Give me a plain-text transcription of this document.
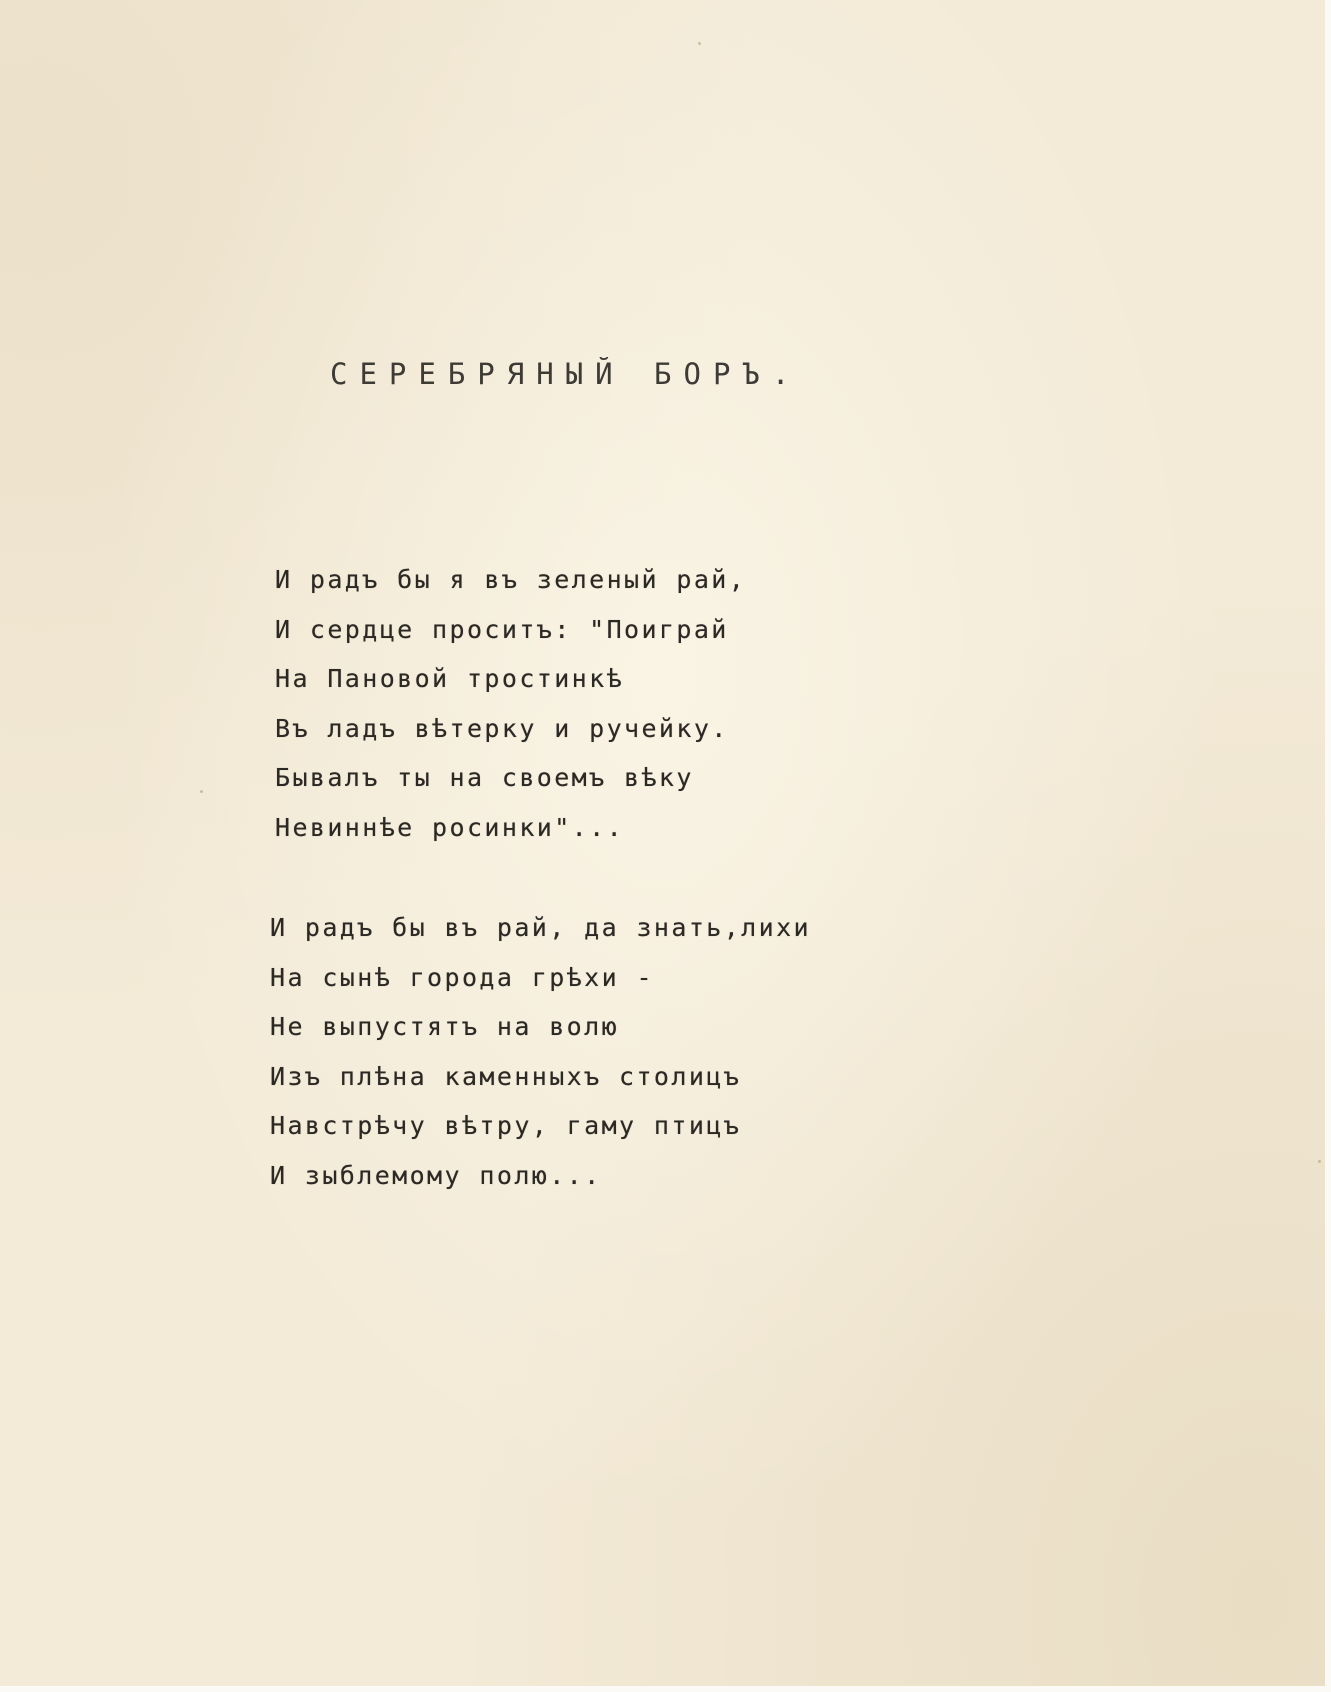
СЕРЕБРЯНЫЙ БОРЪ.
И радъ бы я въ зеленый рай,
И сердце проситъ: "Поиграй
На Пановой тростинкѣ
Въ ладъ вѣтерку и ручейку.
Бывалъ ты на своемъ вѣку
Невиннѣе росинки"...
И радъ бы въ рай, да знать,лихи
На сынѣ города грѣхи -
Не выпустятъ на волю
Изъ плѣна каменныхъ столицъ
Навстрѣчу вѣтру, гаму птицъ
И зыблемому полю...
